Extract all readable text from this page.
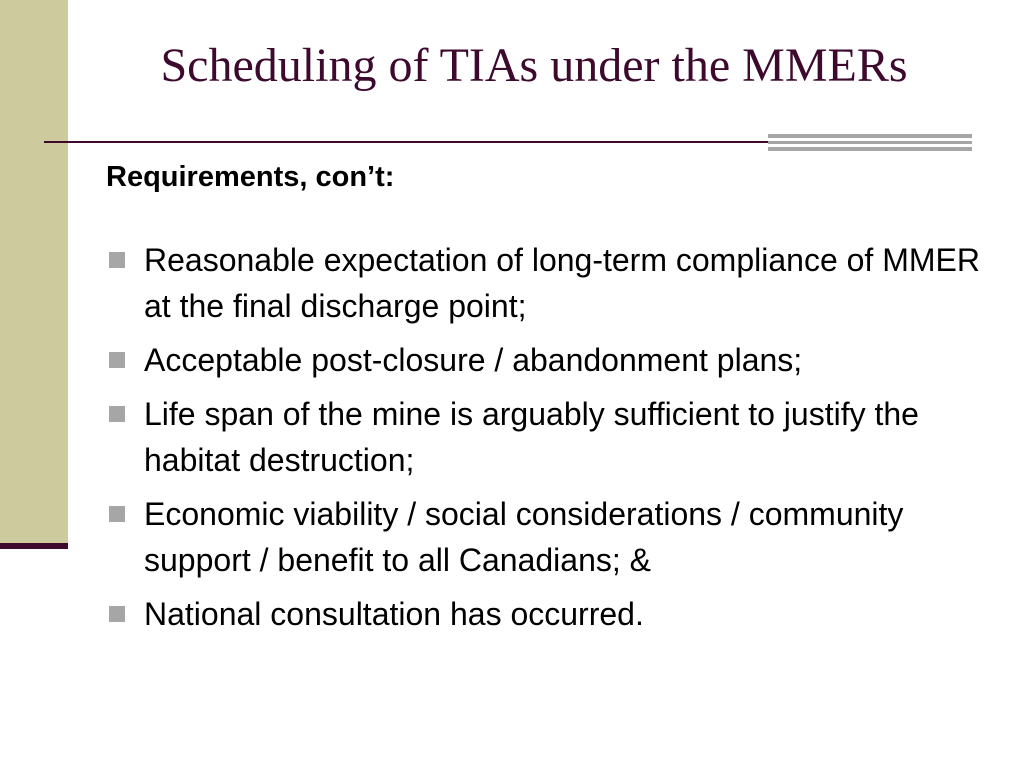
Scheduling of TIAs under the MMERs
Requirements, con’t:
Reasonable expectation of long-term compliance of MMER at the final discharge point;
Acceptable post-closure / abandonment plans;
Life span of the mine is arguably sufficient to justify the habitat destruction;
Economic viability / social considerations / community support / benefit to all Canadians; &
National consultation has occurred.
